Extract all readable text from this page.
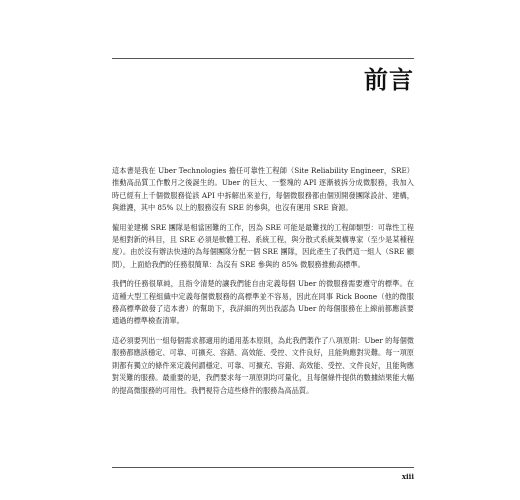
前言

這本書是我在 Uber Technologies 擔任可靠性工程師（Site Reliability Engineer，SRE）推動高品質工作數月之後誕生的。Uber 的巨大、一整塊的 API 逐漸被拆分成微服務，我加入時已經有上千個微服務從該 API 中拆解出來並行，每個微服務都由個別開發團隊設計、建構，與維護，其中 85% 以上的服務沒有 SRE 的參與，也沒有運用 SRE 資源。

僱用並建構 SRE 團隊是相當困難的工作，因為 SRE 可能是最難找的工程師類型：可靠性工程是相對新的科目，且 SRE 必須是軟體工程、系統工程，與分散式系統架構專家（至少是某種程度）。由於沒有辦法快速的為每個團隊分配一個 SRE 團隊，因此產生了我們這一組人（SRE 顧問），上面給我們的任務很簡單：為沒有 SRE 參與的 85% 微服務推動高標準。

我們的任務很單純，且指令清楚的讓我們能自由定義每個 Uber 的微服務需要遵守的標準。在這種大型工程組織中定義每個微服務的高標準並不容易，因此在同事 Rick Boone（他的微服務高標準啟發了這本書）的幫助下，我詳細的列出我認為 Uber 的每個服務在上線前都應該要通過的標準檢查清單。

這必須要列出一組每個需求都適用的通用基本原則，為此我們製作了八項原則：Uber 的每個微服務都應該穩定、可靠、可擴充、容錯、高效能、受控、文件良好，且能夠應對災難。每一項原則都有獨立的條件來定義何謂穩定、可靠、可擴充、容錯、高效能、受控、文件良好，且能夠應對災難的服務。最重要的是，我們要求每一項原則均可量化，且每個條件提供的數據結果能大幅的提高微服務的可用性。我們視符合這些條件的服務為高品質。

xiii
